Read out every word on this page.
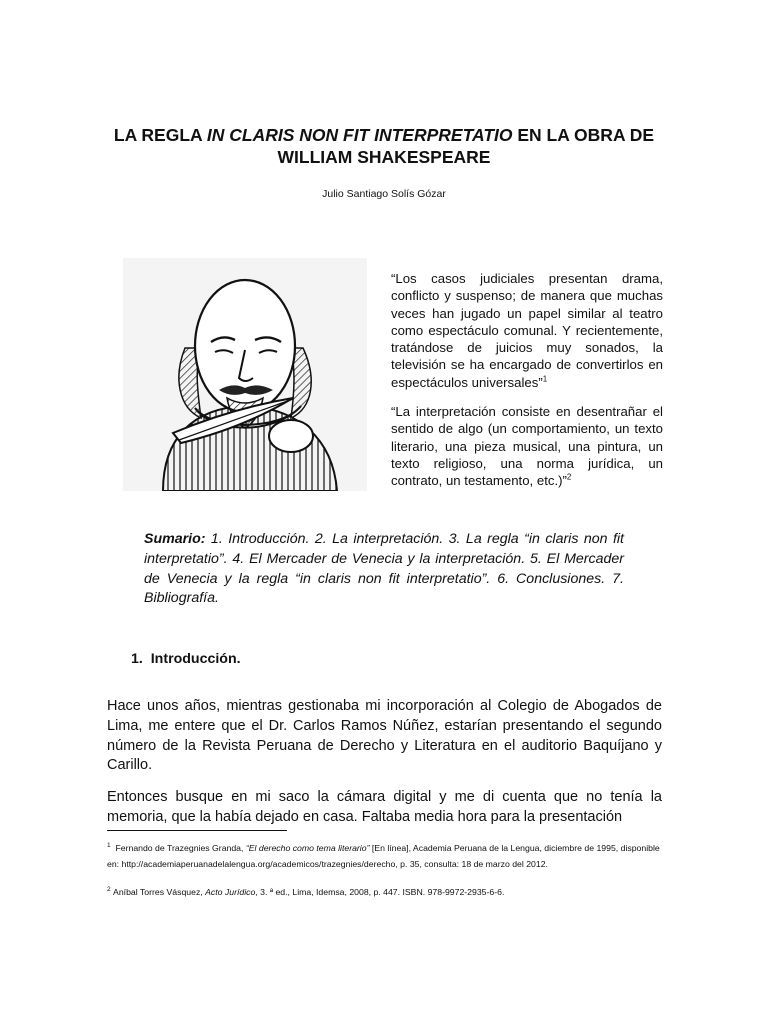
LA REGLA IN CLARIS NON FIT INTERPRETATIO EN LA OBRA DE
WILLIAM SHAKESPEARE
Julio Santiago Solís Gózar

“Los casos judiciales presentan drama, conflicto y suspenso; de manera que muchas veces han jugado un papel similar al teatro como espectáculo comunal. Y recientemente, tratándose de juicios muy sonados, la televisión se ha encargado de convertirlos en espectáculos universales”$^1$

“La interpretación consiste en desentrañar el sentido de algo (un comportamiento, un texto literario, una pieza musical, una pintura, un texto religioso, una norma jurídica, un contrato, un testamento, etc.)”$^2$

Sumario: 1. Introducción. 2. La interpretación. 3. La regla “in claris non fit interpretatio”. 4. El Mercader de Venecia y la interpretación. 5. El Mercader de Venecia y la regla “in claris non fit interpretatio”. 6. Conclusiones. 7. Bibliografía.
1. Introducción.

Hace unos años, mientras gestionaba mi incorporación al Colegio de Abogados de Lima, me entere que el Dr. Carlos Ramos Núñez, estarían presentando el segundo número de la Revista Peruana de Derecho y Literatura en el auditorio Baquíjano y Carillo.

Entonces busque en mi saco la cámara digital y me di cuenta que no tenía la memoria, que la había dejado en casa. Faltaba media hora para la presentación

$^1$ Fernando de Trazegnies Granda, “El derecho como tema literario” [En línea], Academia Peruana de la Lengua, diciembre de 1995, disponible en: http://academiaperuanadelalengua.org/academicos/trazegnies/derecho, p. 35, consulta: 18 de marzo del 2012.

$^2$ Aníbal Torres Vásquez, Acto Jurídico, 3. ª ed., Lima, Idemsa, 2008, p. 447. ISBN. 978-9972-2935-6-6.
